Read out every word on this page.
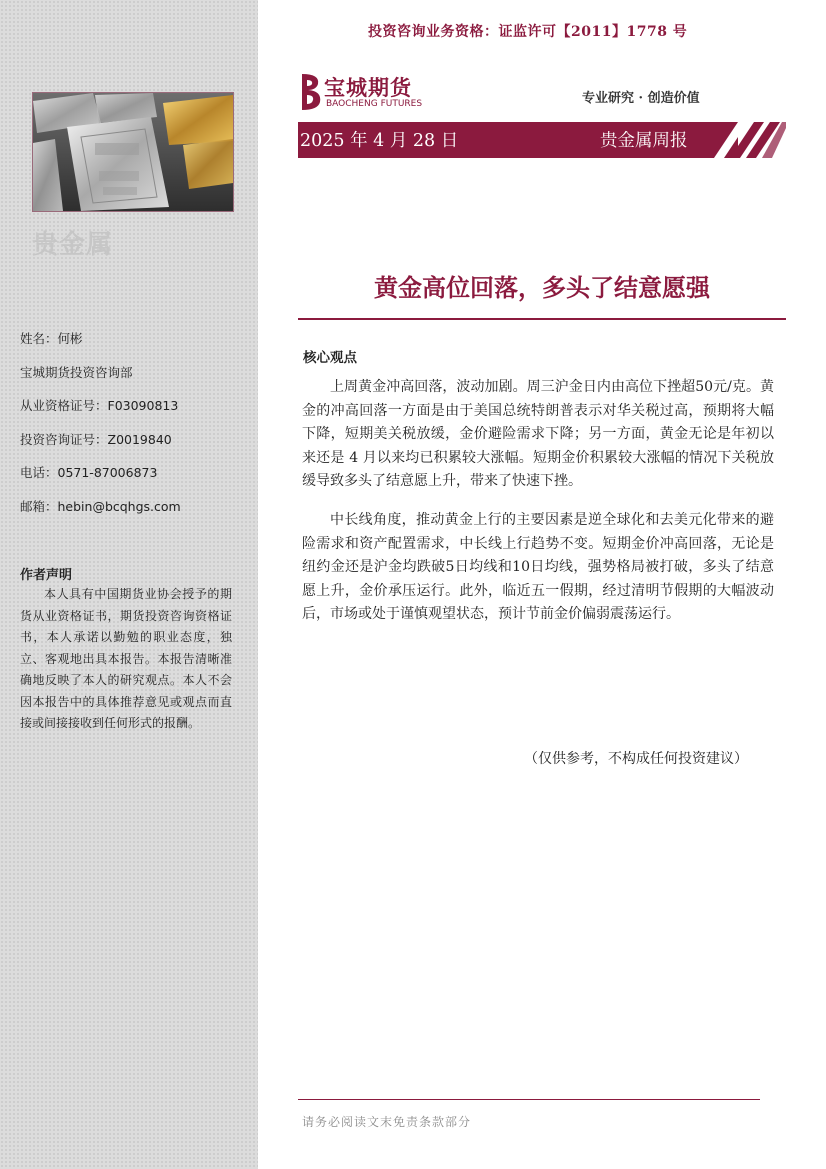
贵金属
姓名：何彬
宝城期货投资咨询部
从业资格证号：F03090813
投资咨询证号：Z0019840
电话：0571-87006873
邮箱：hebin@bcqhgs.com
作者声明
本人具有中国期货业协会授予的期货从业资格证书，期货投资咨询资格证书，本人承诺以勤勉的职业态度，独立、客观地出具本报告。本报告清晰准确地反映了本人的研究观点。本人不会因本报告中的具体推荐意见或观点而直接或间接接收到任何形式的报酬。
投资咨询业务资格：证监许可【2011】1778 号
宝城期货
BAOCHENG FUTURES	专业研究 · 创造价值
2025 年 4 月 28 日	贵金属周报
黄金高位回落，多头了结意愿强
核心观点

上周黄金冲高回落，波动加剧。周三沪金日内由高位下挫超50元/克。黄金的冲高回落一方面是由于美国总统特朗普表示对华关税过高，预期将大幅下降，短期美关税放缓，金价避险需求下降；另一方面，黄金无论是年初以来还是 4 月以来均已积累较大涨幅。短期金价积累较大涨幅的情况下关税放缓导致多头了结意愿上升，带来了快速下挫。

中长线角度，推动黄金上行的主要因素是逆全球化和去美元化带来的避险需求和资产配置需求，中长线上行趋势不变。短期金价冲高回落，无论是纽约金还是沪金均跌破5日均线和10日均线，强势格局被打破，多头了结意愿上升，金价承压运行。此外，临近五一假期，经过清明节假期的大幅波动后，市场或处于谨慎观望状态，预计节前金价偏弱震荡运行。

（仅供参考，不构成任何投资建议）
请务必阅读文末免责条款部分
